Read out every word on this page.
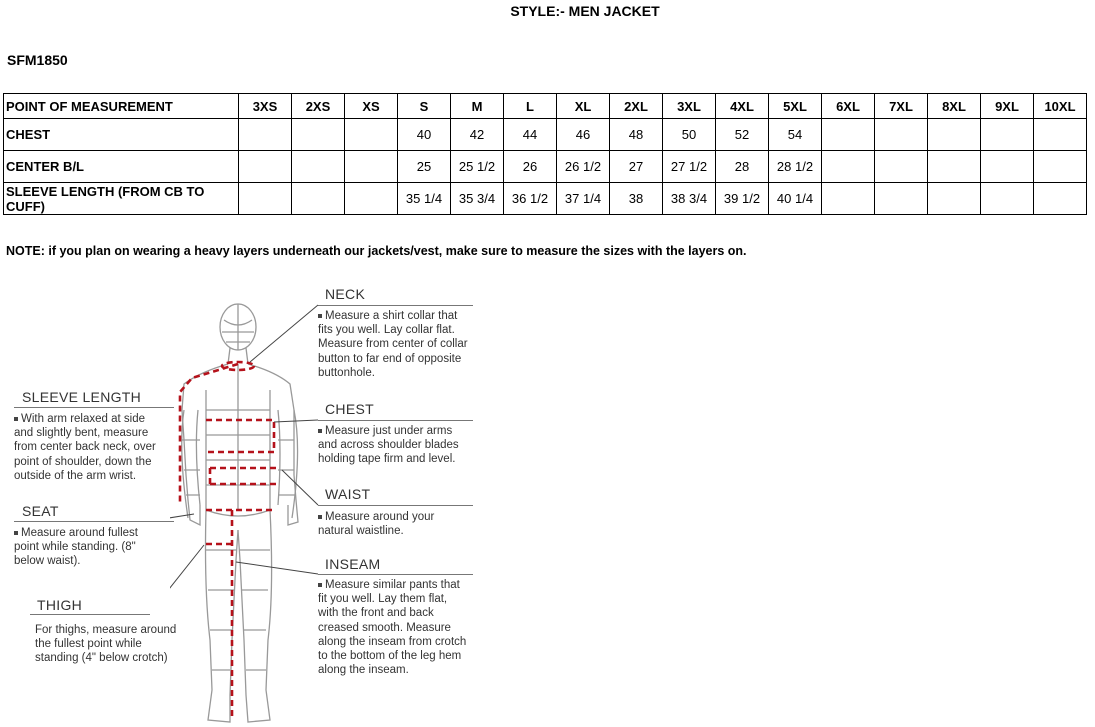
STYLE:- MEN JACKET
SFM1850
POINT OF MEASUREMENT	3XS	2XS	XS	S	M	L	XL	2XL	3XL	4XL	5XL	6XL	7XL	8XL	9XL	10XL
CHEST				40	42	44	46	48	50	52	54					
CENTER B/L				25	25 1/2	26	26 1/2	27	27 1/2	28	28 1/2					
SLEEVE LENGTH (FROM CB TO CUFF)				35 1/4	35 3/4	36 1/2	37 1/4	38	38 3/4	39 1/2	40 1/4					
NOTE: if you plan on wearing a heavy layers underneath our jackets/vest, make sure to measure the sizes with the layers on.
NECK
Measure a shirt collar that fits you well. Lay collar flat. Measure from center of collar button to far end of opposite buttonhole.
CHEST
Measure just under arms and across shoulder blades holding tape firm and level.
WAIST
Measure around your natural waistline.
INSEAM
Measure similar pants that fit you well. Lay them flat, with the front and back creased smooth. Measure along the inseam from crotch to the bottom of the leg hem along the inseam.
SLEEVE LENGTH
With arm relaxed at side and slightly bent, measure from center back neck, over point of shoulder, down the outside of the arm wrist.
SEAT
Measure around fullest point while standing. (8" below waist).
THIGH
For thighs, measure around the fullest point while standing (4" below crotch)
